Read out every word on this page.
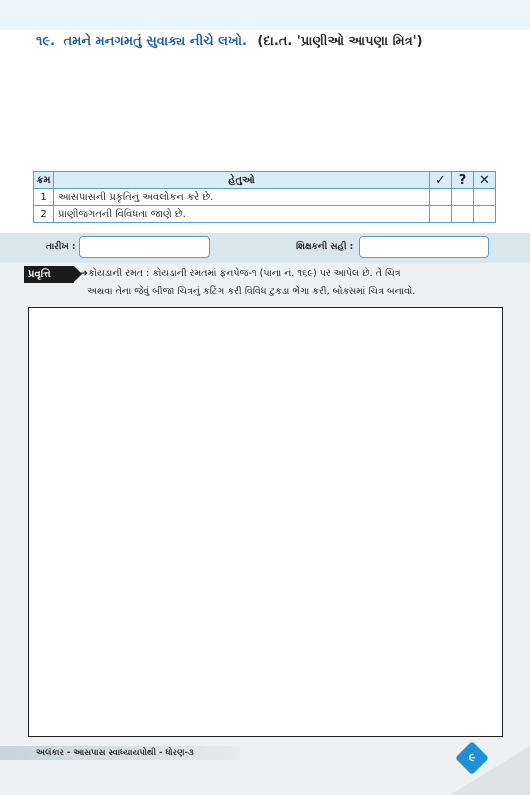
૧૯. તમને મનગમતું સુવાક્ય નીચે લખો. (દા.ત. 'પ્રાણીઓ આપણા મિત્ર')
ક્રમ	હેતુઓ	✓	?	✕
1	આસપાસની પ્રકૃતિનું અવલોકન કરે છે.			
2	પ્રાણીજગતની વિવિધતા જાણે છે.			
તારીખ :	શિક્ષકની સહી :
પ્રવૃત્તિ	➔કોયડાની રમત : કોયડાની રમતમાં ફનપેજ-૧ (પાના નં. ૧૬૯) પર આપેલ છે. તે ચિત્ર
અથવા તેના જેવું બીજા ચિત્રનું કટિંગ કરી વિવિધ ટુકડા ભેગા કરી, બોક્સમાં ચિત્ર બનાવો.
અલંકાર - આસપાસ સ્વાધ્યાયપોથી - ધોરણ-૩	૯
